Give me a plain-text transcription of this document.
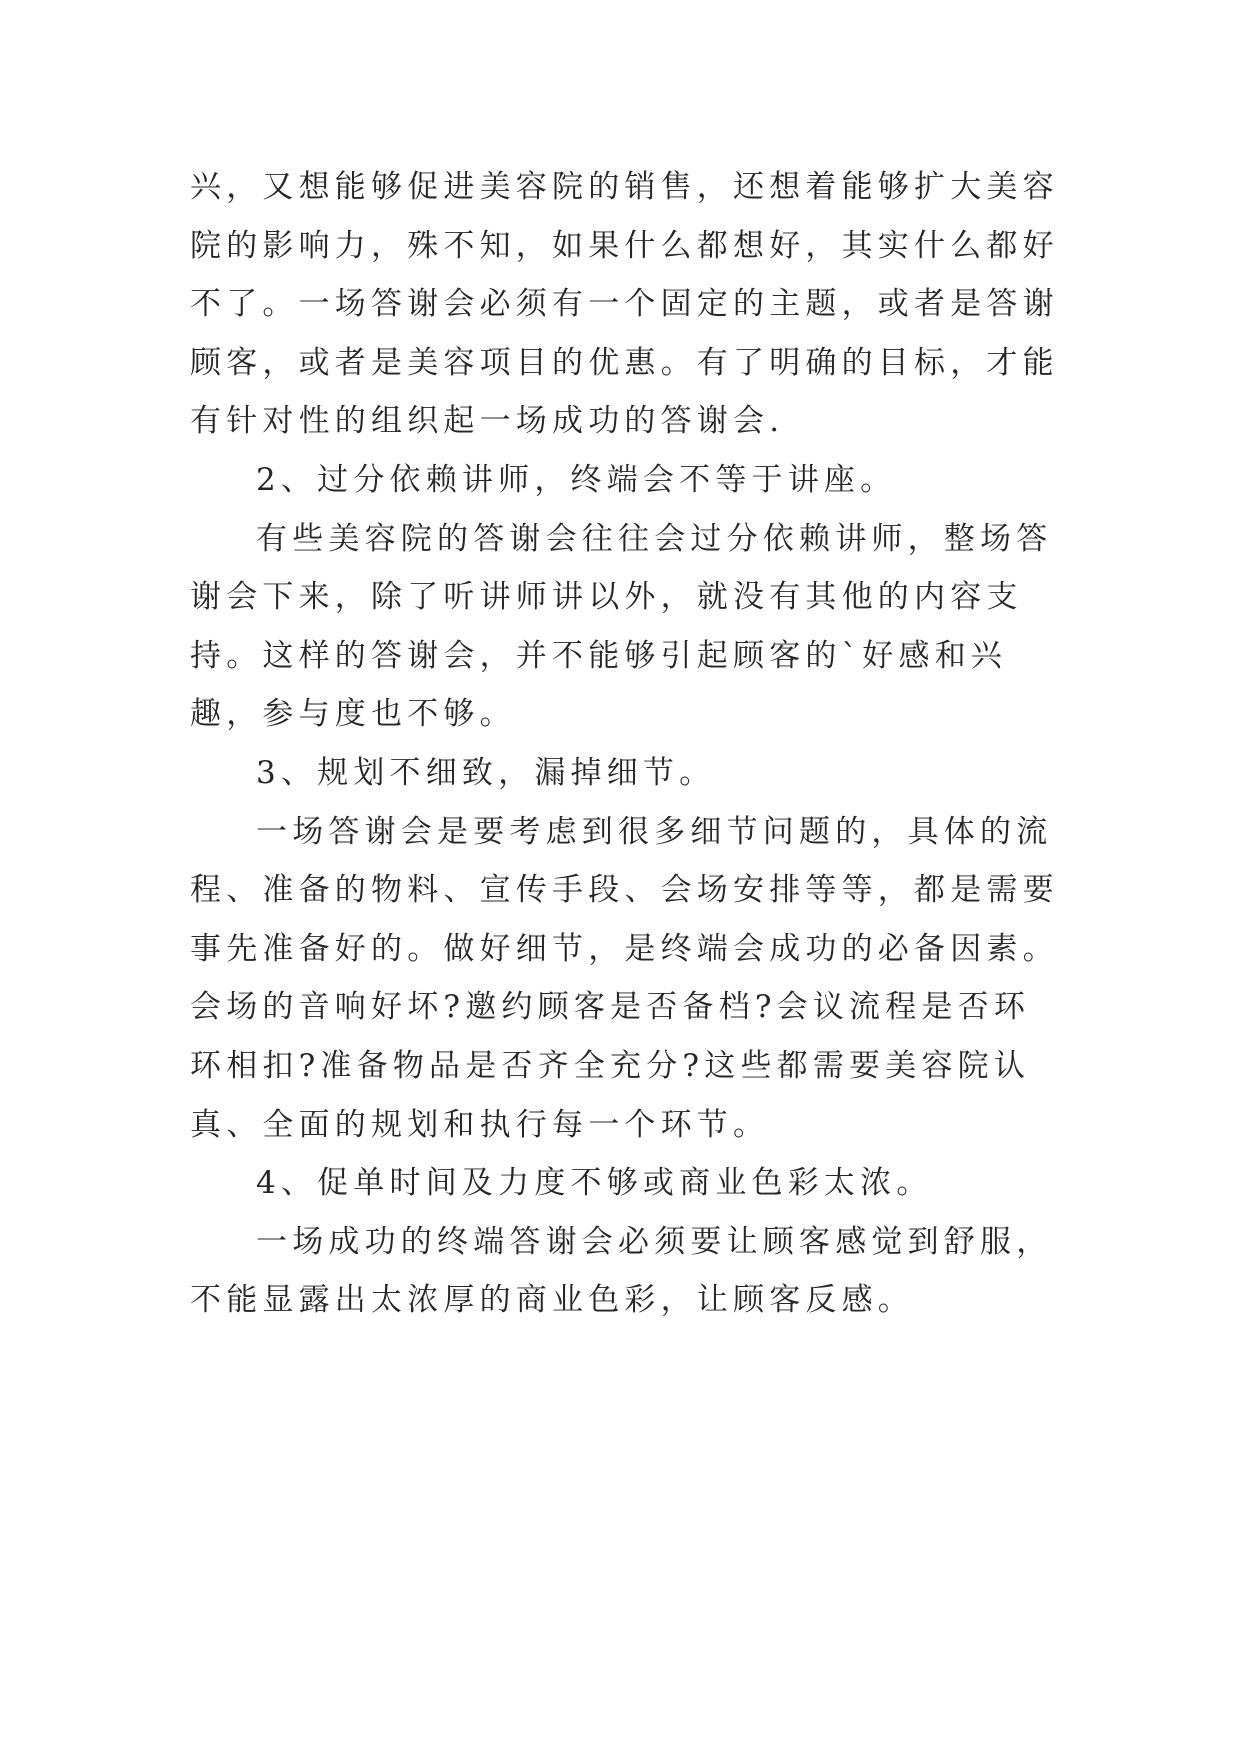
兴，又想能够促进美容院的销售，还想着能够扩大美容院的影响力，殊不知，如果什么都想好，其实什么都好不了。一场答谢会必须有一个固定的主题，或者是答谢顾客，或者是美容项目的优惠。有了明确的目标，才能有针对性的组织起一场成功的答谢会.

2、过分依赖讲师，终端会不等于讲座。

有些美容院的答谢会往往会过分依赖讲师，整场答谢会下来，除了听讲师讲以外，就没有其他的内容支持。这样的答谢会，并不能够引起顾客的`好感和兴趣，参与度也不够。

3、规划不细致，漏掉细节。

一场答谢会是要考虑到很多细节问题的，具体的流程、准备的物料、宣传手段、会场安排等等，都是需要事先准备好的。做好细节，是终端会成功的必备因素。会场的音响好坏?邀约顾客是否备档?会议流程是否环环相扣?准备物品是否齐全充分?这些都需要美容院认真、全面的规划和执行每一个环节。

4、促单时间及力度不够或商业色彩太浓。

一场成功的终端答谢会必须要让顾客感觉到舒服，不能显露出太浓厚的商业色彩，让顾客反感。
